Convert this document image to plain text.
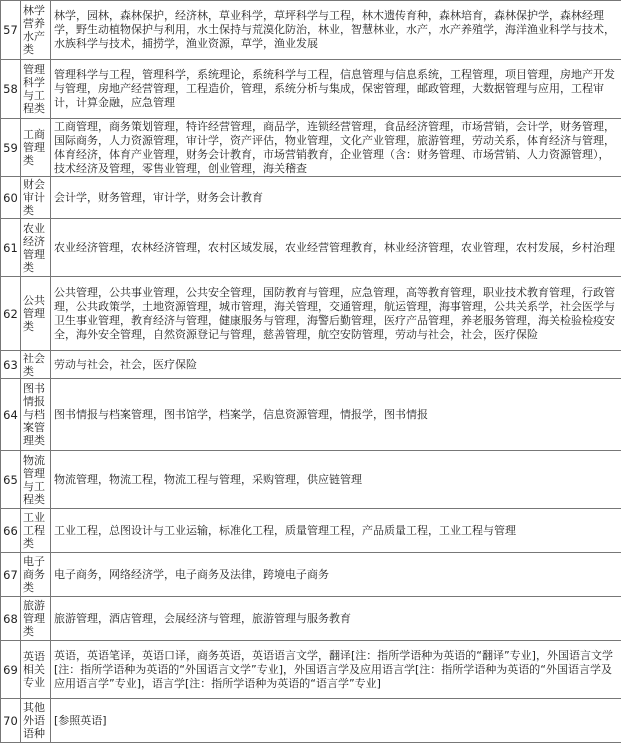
57	林学营养水产类	林学，园林，森林保护，经济林，草业科学，草坪科学与工程，林木遗传育种，森林培育，森林保护学，森林经理学，野生动植物保护与利用，水土保持与荒漠化防治，林业，智慧林业，水产，水产养殖学，海洋渔业科学与技术，水族科学与技术，捕捞学，渔业资源，草学，渔业发展
58	管理科学与工程类	管理科学与工程，管理科学，系统理论，系统科学与工程，信息管理与信息系统，工程管理，项目管理，房地产开发与管理，房地产经营管理，工程造价，管理，系统分析与集成，保密管理，邮政管理，大数据管理与应用，工程审计，计算金融，应急管理
59	工商管理类	工商管理，商务策划管理，特许经营管理，商品学，连锁经营管理，食品经济管理，市场营销，会计学，财务管理，国际商务，人力资源管理，审计学，资产评估，物业管理，文化产业管理，旅游管理，劳动关系，体育经济与管理，体育经济，体育产业管理，财务会计教育，市场营销教育，企业管理（含：财务管理、市场营销、人力资源管理），技术经济及管理，零售业管理，创业管理，海关稽查
60	财会审计类	会计学，财务管理，审计学，财务会计教育
61	农业经济管理类	农业经济管理，农林经济管理，农村区域发展，农业经营管理教育，林业经济管理，农业管理，农村发展，乡村治理
62	公共管理类	公共管理，公共事业管理，公共安全管理，国防教育与管理，应急管理，高等教育管理，职业技术教育管理，行政管理，公共政策学，土地资源管理，城市管理，海关管理，交通管理，航运管理，海事管理，公共关系学，社会医学与卫生事业管理，教育经济与管理，健康服务与管理，海警后勤管理，医疗产品管理，养老服务管理，海关检验检疫安全，海外安全管理，自然资源登记与管理，慈善管理，航空安防管理，劳动与社会，社会，医疗保险
63	社会类	劳动与社会，社会，医疗保险
64	图书情报与档案管理类	图书情报与档案管理，图书馆学，档案学，信息资源管理，情报学，图书情报
65	物流管理与工程类	物流管理，物流工程，物流工程与管理，采购管理，供应链管理
66	工业工程类	工业工程，总图设计与工业运输，标准化工程，质量管理工程，产品质量工程，工业工程与管理
67	电子商务类	电子商务，网络经济学，电子商务及法律，跨境电子商务
68	旅游管理类	旅游管理，酒店管理，会展经济与管理，旅游管理与服务教育
69	英语相关专业	英语，英语笔译，英语口译，商务英语，英语语言文学，翻译[注：指所学语种为英语的“翻译”专业]，外国语言文学[注：指所学语种为英语的“外国语言文学”专业]，外国语言学及应用语言学[注：指所学语种为英语的“外国语言学及应用语言学”专业]，语言学[注：指所学语种为英语的“语言学”专业]
70	其他外语语种	[参照英语]
